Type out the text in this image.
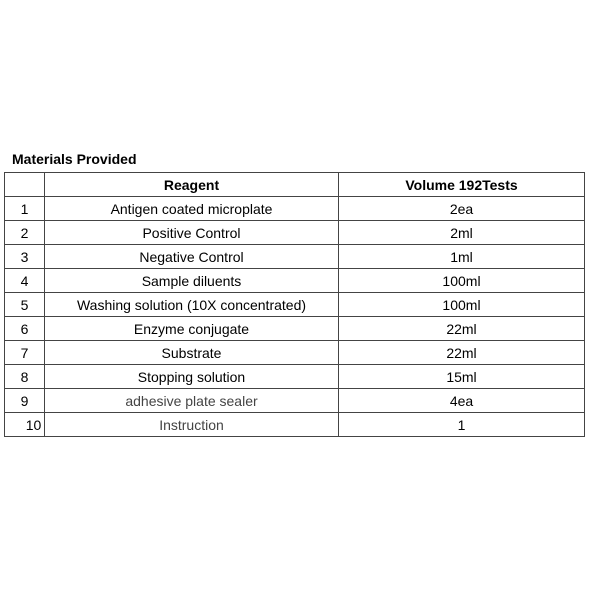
Materials Provided
	Reagent	Volume 192Tests
1	Antigen coated microplate	2ea
2	Positive Control	2ml
3	Negative Control	1ml
4	Sample diluents	100ml
5	Washing solution (10X concentrated)	100ml
6	Enzyme conjugate	22ml
7	Substrate	22ml
8	Stopping solution	15ml
9	adhesive plate sealer	4ea
10	Instruction	1
